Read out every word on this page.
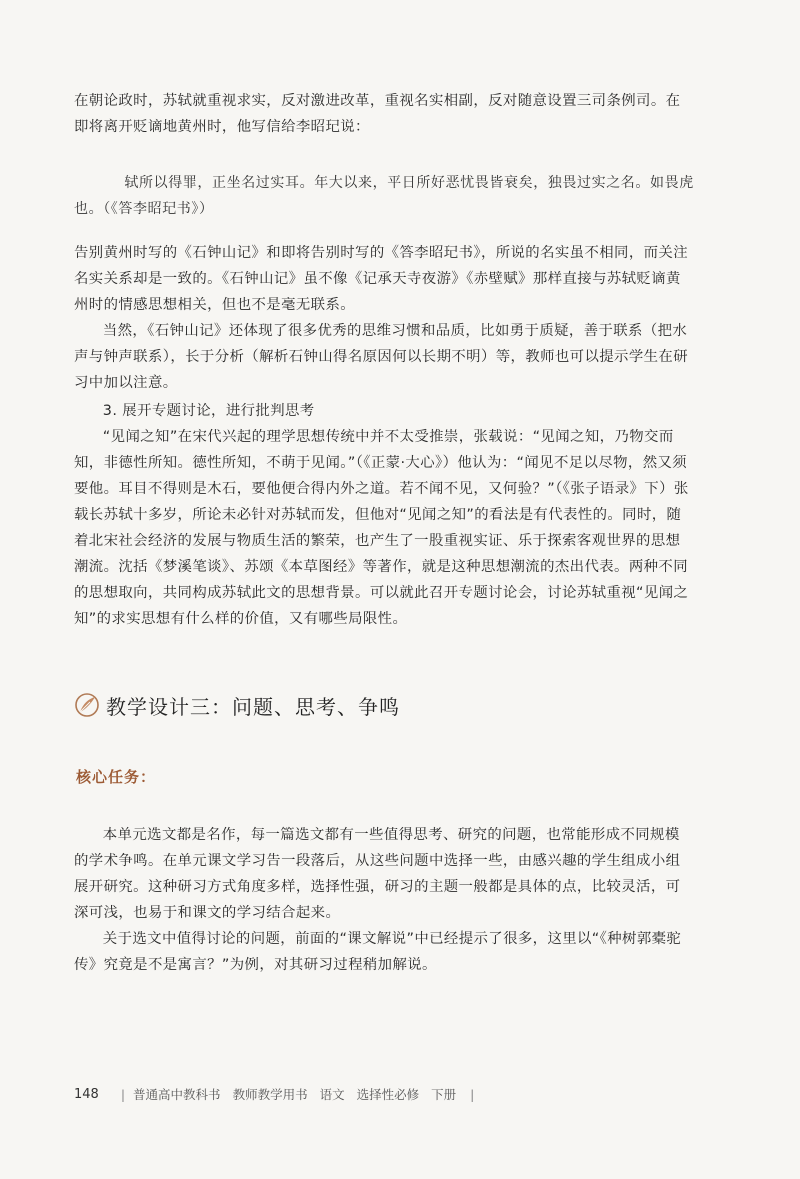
在朝论政时，苏轼就重视求实，反对激进改革，重视名实相副，反对随意设置三司条例司。在即将离开贬谪地黄州时，他写信给李昭玘说：

轼所以得罪，正坐名过实耳。年大以来，平日所好恶忧畏皆衰矣，独畏过实之名。如畏虎也。（《答李昭玘书》）

告别黄州时写的《石钟山记》和即将告别时写的《答李昭玘书》，所说的名实虽不相同，而关注名实关系却是一致的。《石钟山记》虽不像《记承天寺夜游》《赤壁赋》那样直接与苏轼贬谪黄州时的情感思想相关，但也不是毫无联系。

当然，《石钟山记》还体现了很多优秀的思维习惯和品质，比如勇于质疑，善于联系（把水声与钟声联系），长于分析（解析石钟山得名原因何以长期不明）等，教师也可以提示学生在研习中加以注意。

3. 展开专题讨论，进行批判思考

“见闻之知”在宋代兴起的理学思想传统中并不太受推崇，张载说：“见闻之知，乃物交而知，非德性所知。德性所知，不萌于见闻。”（《正蒙·大心》）他认为：“闻见不足以尽物，然又须要他。耳目不得则是木石，要他便合得内外之道。若不闻不见，又何验？”（《张子语录》下）张载长苏轼十多岁，所论未必针对苏轼而发，但他对“见闻之知”的看法是有代表性的。同时，随着北宋社会经济的发展与物质生活的繁荣，也产生了一股重视实证、乐于探索客观世界的思想潮流。沈括《梦溪笔谈》、苏颂《本草图经》等著作，就是这种思想潮流的杰出代表。两种不同的思想取向，共同构成苏轼此文的思想背景。可以就此召开专题讨论会，讨论苏轼重视“见闻之知”的求实思想有什么样的价值，又有哪些局限性。

教学设计三：问题、思考、争鸣
核心任务：

本单元选文都是名作，每一篇选文都有一些值得思考、研究的问题，也常能形成不同规模的学术争鸣。在单元课文学习告一段落后，从这些问题中选择一些，由感兴趣的学生组成小组展开研究。这种研习方式角度多样，选择性强，研习的主题一般都是具体的点，比较灵活，可深可浅，也易于和课文的学习结合起来。

关于选文中值得讨论的问题，前面的“课文解说”中已经提示了很多，这里以“《种树郭橐驼传》究竟是不是寓言？”为例，对其研习过程稍加解说。

148 | 普通高中教科书 教师教学用书 语文 选择性必修 下册 |
